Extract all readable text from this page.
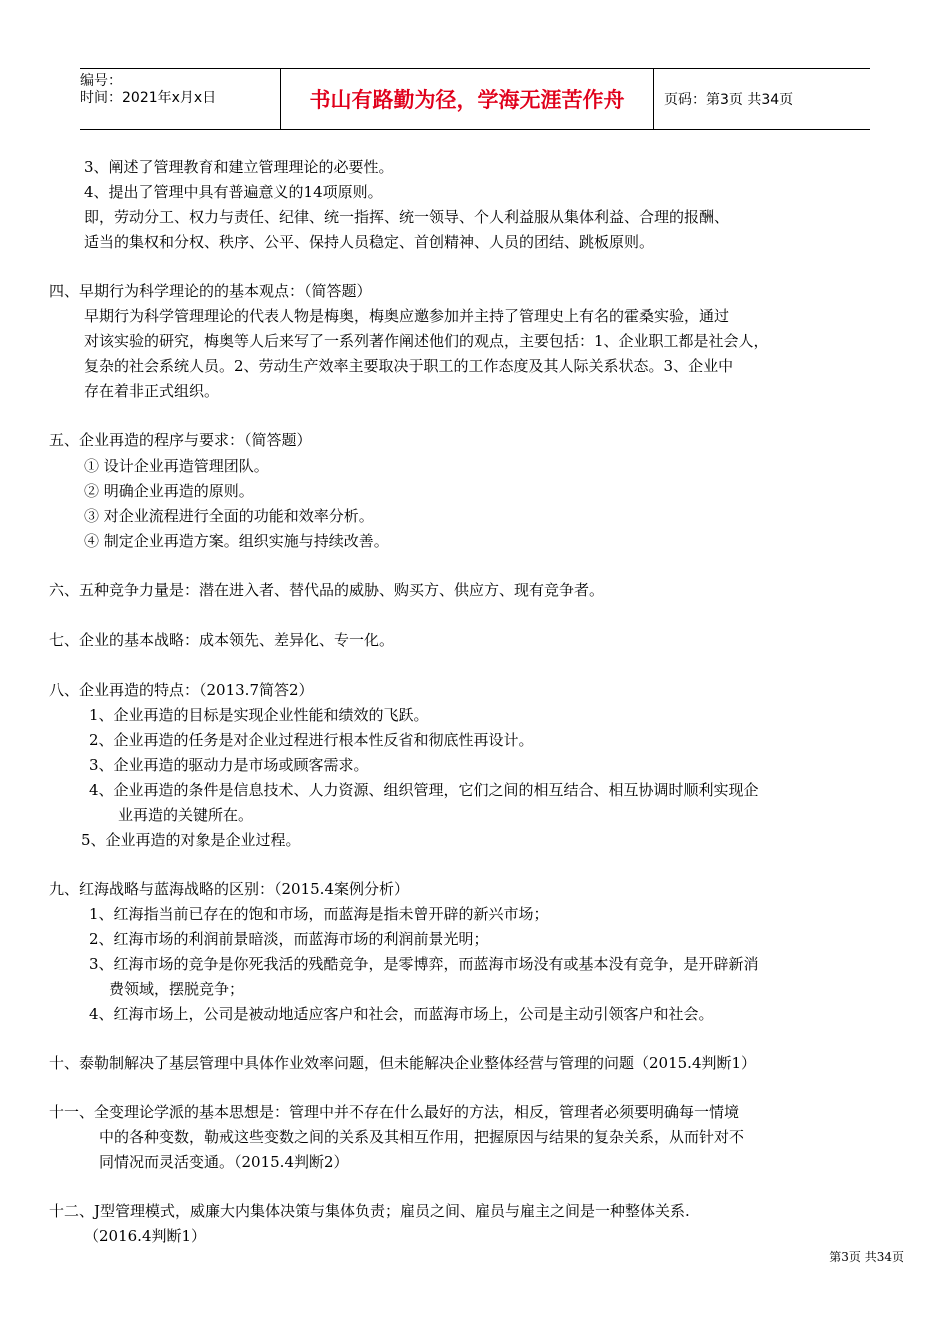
编号：
时间：2021年x月x日	书山有路勤为径，学海无涯苦作舟	页码：第3页 共34页
3、阐述了管理教育和建立管理理论的必要性。
4、提出了管理中具有普遍意义的14项原则。
即，劳动分工、权力与责任、纪律、统一指挥、统一领导、个人利益服从集体利益、合理的报酬、
适当的集权和分权、秩序、公平、保持人员稳定、首创精神、人员的团结、跳板原则。
四、早期行为科学理论的的基本观点：（简答题）
早期行为科学管理理论的代表人物是梅奥，梅奥应邀参加并主持了管理史上有名的霍桑实验，通过
对该实验的研究，梅奥等人后来写了一系列著作阐述他们的观点，主要包括：1、企业职工都是社会人，
复杂的社会系统人员。2、劳动生产效率主要取决于职工的工作态度及其人际关系状态。3、企业中
存在着非正式组织。
五、企业再造的程序与要求：（简答题）
① 设计企业再造管理团队。
② 明确企业再造的原则。
③ 对企业流程进行全面的功能和效率分析。
④ 制定企业再造方案。组织实施与持续改善。
六、五种竞争力量是：潜在进入者、替代品的威胁、购买方、供应方、现有竞争者。
七、企业的基本战略：成本领先、差异化、专一化。
八、企业再造的特点：（2013.7简答2）
1、企业再造的目标是实现企业性能和绩效的飞跃。
2、企业再造的任务是对企业过程进行根本性反省和彻底性再设计。
3、企业再造的驱动力是市场或顾客需求。
4、企业再造的条件是信息技术、人力资源、组织管理，它们之间的相互结合、相互协调时顺利实现企
业再造的关键所在。
5、企业再造的对象是企业过程。
九、红海战略与蓝海战略的区别：（2015.4案例分析）
1、红海指当前已存在的饱和市场，而蓝海是指未曾开辟的新兴市场；
2、红海市场的利润前景暗淡，而蓝海市场的利润前景光明；
3、红海市场的竞争是你死我活的残酷竞争，是零博弈，而蓝海市场没有或基本没有竞争，是开辟新消
费领域，摆脱竞争；
4、红海市场上，公司是被动地适应客户和社会，而蓝海市场上，公司是主动引领客户和社会。
十、泰勒制解决了基层管理中具体作业效率问题，但未能解决企业整体经营与管理的问题（2015.4判断1）
十一、全变理论学派的基本思想是：管理中并不存在什么最好的方法，相反，管理者必须要明确每一情境
中的各种变数，勒戒这些变数之间的关系及其相互作用，把握原因与结果的复杂关系，从而针对不
同情况而灵活变通。（2015.4判断2）
十二、J型管理模式，威廉大内集体决策与集体负责；雇员之间、雇员与雇主之间是一种整体关系.
（2016.4判断1）
第3页 共34页
